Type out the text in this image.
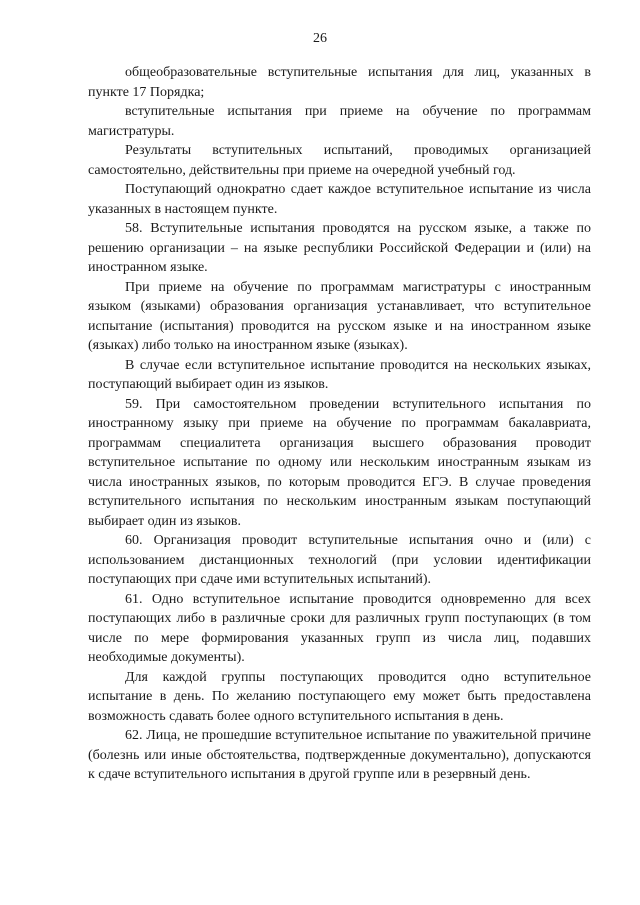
26

общеобразовательные вступительные испытания для лиц, указанных в пункте 17 Порядка;

вступительные испытания при приеме на обучение по программам магистратуры.

Результаты вступительных испытаний, проводимых организацией самостоятельно, действительны при приеме на очередной учебный год.

Поступающий однократно сдает каждое вступительное испытание из числа указанных в настоящем пункте.

58. Вступительные испытания проводятся на русском языке, а также по решению организации – на языке республики Российской Федерации и (или) на иностранном языке.

При приеме на обучение по программам магистратуры с иностранным языком (языками) образования организация устанавливает, что вступительное испытание (испытания) проводится на русском языке и на иностранном языке (языках) либо только на иностранном языке (языках).

В случае если вступительное испытание проводится на нескольких языках, поступающий выбирает один из языков.

59. При самостоятельном проведении вступительного испытания по иностранному языку при приеме на обучение по программам бакалавриата, программам специалитета организация высшего образования проводит вступительное испытание по одному или нескольким иностранным языкам из числа иностранных языков, по которым проводится ЕГЭ. В случае проведения вступительного испытания по нескольким иностранным языкам поступающий выбирает один из языков.

60. Организация проводит вступительные испытания очно и (или) с использованием дистанционных технологий (при условии идентификации поступающих при сдаче ими вступительных испытаний).

61. Одно вступительное испытание проводится одновременно для всех поступающих либо в различные сроки для различных групп поступающих (в том числе по мере формирования указанных групп из числа лиц, подавших необходимые документы).

Для каждой группы поступающих проводится одно вступительное испытание в день. По желанию поступающего ему может быть предоставлена возможность сдавать более одного вступительного испытания в день.

62. Лица, не прошедшие вступительное испытание по уважительной причине (болезнь или иные обстоятельства, подтвержденные документально), допускаются к сдаче вступительного испытания в другой группе или в резервный день.
